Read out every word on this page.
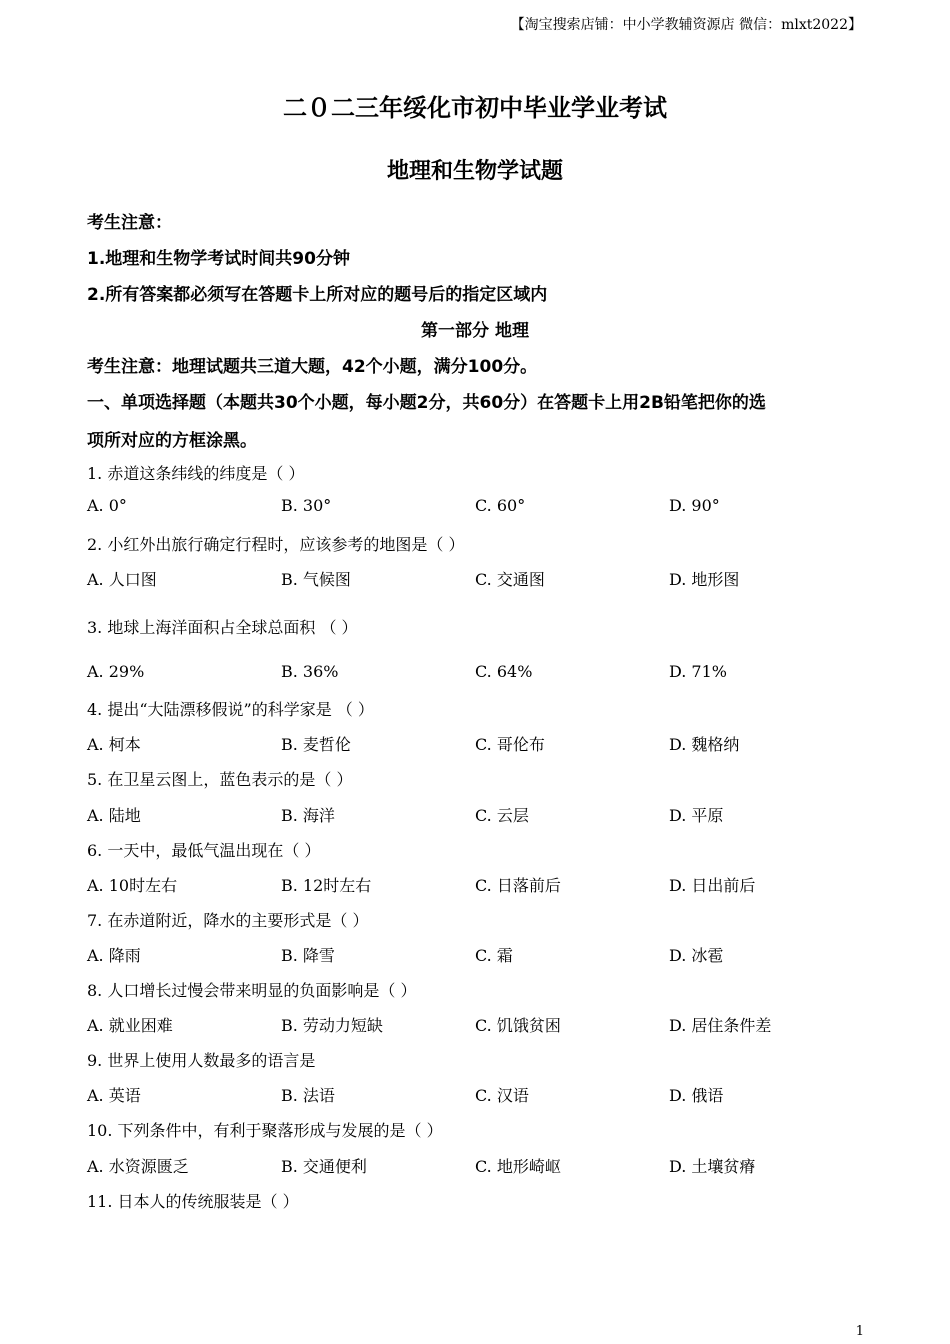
【淘宝搜索店铺：中小学教辅资源店 微信：mlxt2022】
二０二三年绥化市初中毕业学业考试
地理和生物学试题
考生注意：
1.地理和生物学考试时间共90分钟
2.所有答案都必须写在答题卡上所对应的题号后的指定区域内
第一部分 地理
考生注意：地理试题共三道大题，42个小题，满分100分。
一、单项选择题（本题共30个小题，每小题2分，共60分）在答题卡上用2B铅笔把你的选
项所对应的方框涂黑。
1. 赤道这条纬线的纬度是（ ）
A. 0°	B. 30°	C. 60°	D. 90°
2. 小红外出旅行确定行程时，应该参考的地图是（ ）
A. 人口图	B. 气候图	C. 交通图	D. 地形图
3. 地球上海洋面积占全球总面积 （ ）
A. 29%	B. 36%	C. 64%	D. 71%
4. 提出“大陆漂移假说”的科学家是 （ ）
A. 柯本	B. 麦哲伦	C. 哥伦布	D. 魏格纳
5. 在卫星云图上，蓝色表示的是（ ）
A. 陆地	B. 海洋	C. 云层	D. 平原
6. 一天中，最低气温出现在（ ）
A. 10时左右	B. 12时左右	C. 日落前后	D. 日出前后
7. 在赤道附近，降水的主要形式是（ ）
A. 降雨	B. 降雪	C. 霜	D. 冰雹
8. 人口增长过慢会带来明显的负面影响是（ ）
A. 就业困难	B. 劳动力短缺	C. 饥饿贫困	D. 居住条件差
9. 世界上使用人数最多的语言是
A. 英语	B. 法语	C. 汉语	D. 俄语
10. 下列条件中，有利于聚落形成与发展的是（ ）
A. 水资源匮乏	B. 交通便利	C. 地形崎岖	D. 土壤贫瘠
11. 日本人的传统服装是（ ）
1
